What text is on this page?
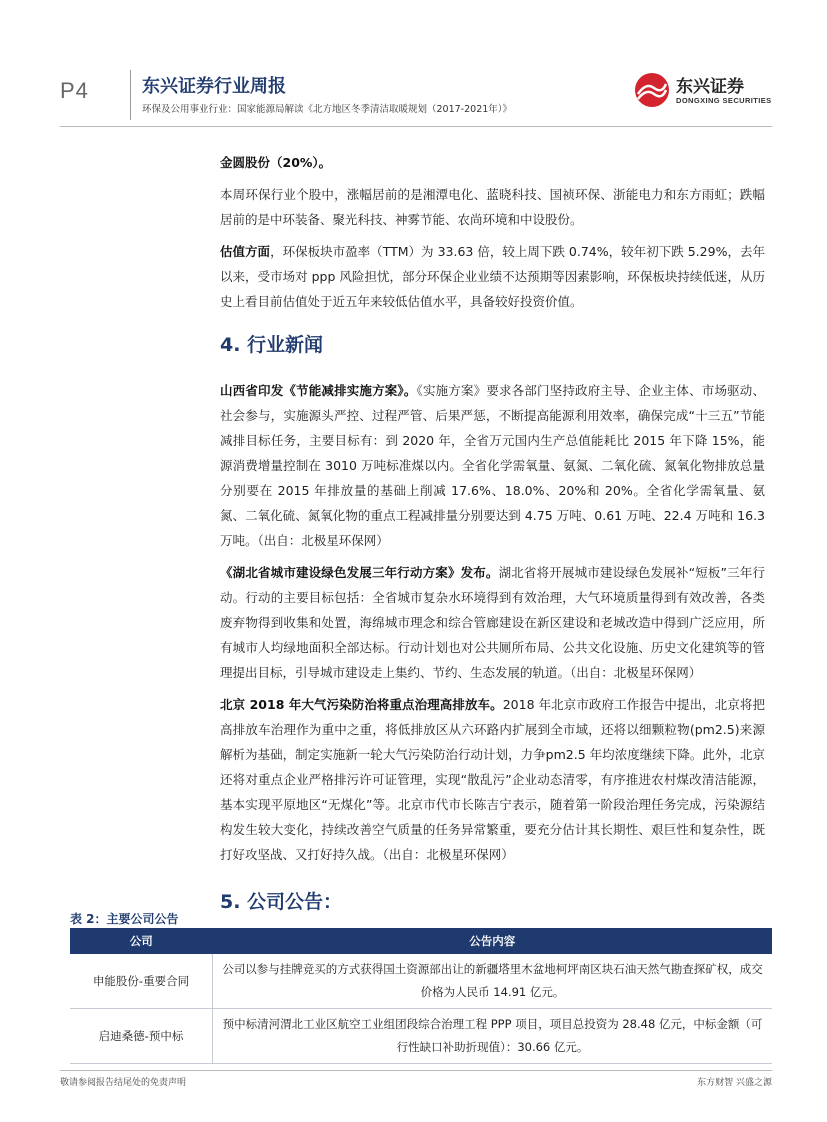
P4	东兴证券行业周报
环保及公用事业行业：国家能源局解读《北方地区冬季清洁取暖规划（2017-2021年）》
东兴证券
DONGXING SECURITIES

金圆股份（20%）。

本周环保行业个股中，涨幅居前的是湘潭电化、蓝晓科技、国祯环保、浙能电力和东方雨虹；跌幅居前的是中环装备、聚光科技、神雾节能、农尚环境和中设股份。

估值方面，环保板块市盈率（TTM）为 33.63 倍，较上周下跌 0.74%，较年初下跌 5.29%，去年以来，受市场对 ppp 风险担忧，部分环保企业业绩不达预期等因素影响，环保板块持续低迷，从历史上看目前估值处于近五年来较低估值水平，具备较好投资价值。

4. 行业新闻

山西省印发《节能减排实施方案》。《实施方案》要求各部门坚持政府主导、企业主体、市场驱动、社会参与，实施源头严控、过程严管、后果严惩，不断提高能源利用效率，确保完成“十三五”节能减排目标任务，主要目标有：到 2020 年，全省万元国内生产总值能耗比 2015 年下降 15%，能源消费增量控制在 3010 万吨标准煤以内。全省化学需氧量、氨氮、二氧化硫、氮氧化物排放总量分别要在 2015 年排放量的基础上削减 17.6%、18.0%、20%和 20%。全省化学需氧量、氨氮、二氧化硫、氮氧化物的重点工程减排量分别要达到 4.75 万吨、0.61 万吨、22.4 万吨和 16.3 万吨。（出自：北极星环保网）

《湖北省城市建设绿色发展三年行动方案》发布。湖北省将开展城市建设绿色发展补“短板”三年行动。行动的主要目标包括：全省城市复杂水环境得到有效治理，大气环境质量得到有效改善，各类废弃物得到收集和处置，海绵城市理念和综合管廊建设在新区建设和老城改造中得到广泛应用，所有城市人均绿地面积全部达标。行动计划也对公共厕所布局、公共文化设施、历史文化建筑等的管理提出目标，引导城市建设走上集约、节约、生态发展的轨道。（出自：北极星环保网）

北京 2018 年大气污染防治将重点治理高排放车。2018 年北京市政府工作报告中提出，北京将把高排放车治理作为重中之重，将低排放区从六环路内扩展到全市域，还将以细颗粒物(pm2.5)来源解析为基础，制定实施新一轮大气污染防治行动计划，力争pm2.5 年均浓度继续下降。此外，北京还将对重点企业严格排污许可证管理，实现“散乱污”企业动态清零，有序推进农村煤改清洁能源，基本实现平原地区“无煤化”等。北京市代市长陈吉宁表示，随着第一阶段治理任务完成，污染源结构发生较大变化，持续改善空气质量的任务异常繁重，要充分估计其长期性、艰巨性和复杂性，既打好攻坚战、又打好持久战。（出自：北极星环保网）

5. 公司公告：
表 2：主要公司公告
公司	公告内容
申能股份-重要合同	公司以参与挂牌竞买的方式获得国土资源部出让的新疆塔里木盆地柯坪南区块石油天然气勘查探矿权，成交价格为人民币 14.91 亿元。
启迪桑德-预中标	预中标清河渭北工业区航空工业组团段综合治理工程 PPP 项目，项目总投资为 28.48 亿元，中标金额（可行性缺口补助折现值）：30.66 亿元。
敬请参阅报告结尾处的免责声明	东方财智 兴盛之源
